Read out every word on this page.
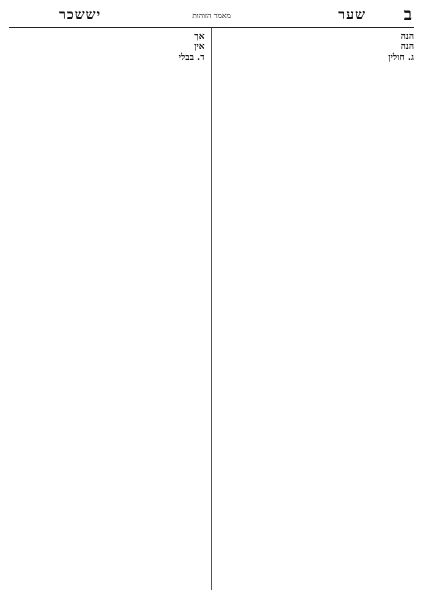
ב
שער
מאמר הזוהות
יששכר

הנה

הנה

ג. חולין

אך

אין

ד. בבלי
